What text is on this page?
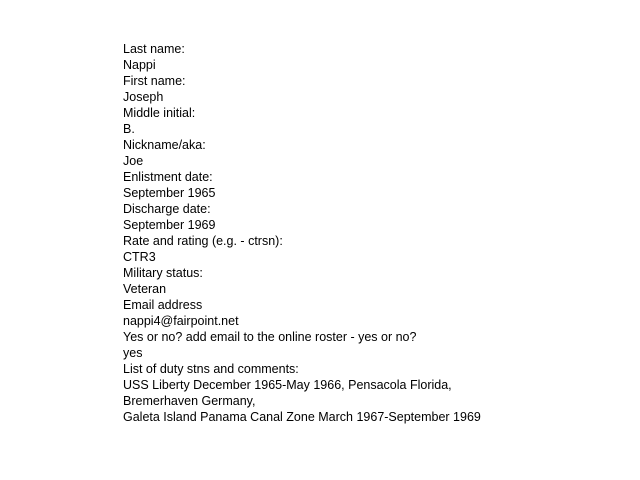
Last name:
Nappi
First name:
Joseph
Middle initial:
B.
Nickname/aka:
Joe
Enlistment date:
September 1965
Discharge date:
September 1969
Rate and rating (e.g. - ctrsn):
CTR3
Military status:
Veteran
Email address
nappi4@fairpoint.net
Yes or no? add email to the online roster - yes or no?
yes
List of duty stns and comments:
USS Liberty December 1965-May 1966, Pensacola Florida,
Bremerhaven Germany,
Galeta Island Panama Canal Zone March 1967-September 1969
